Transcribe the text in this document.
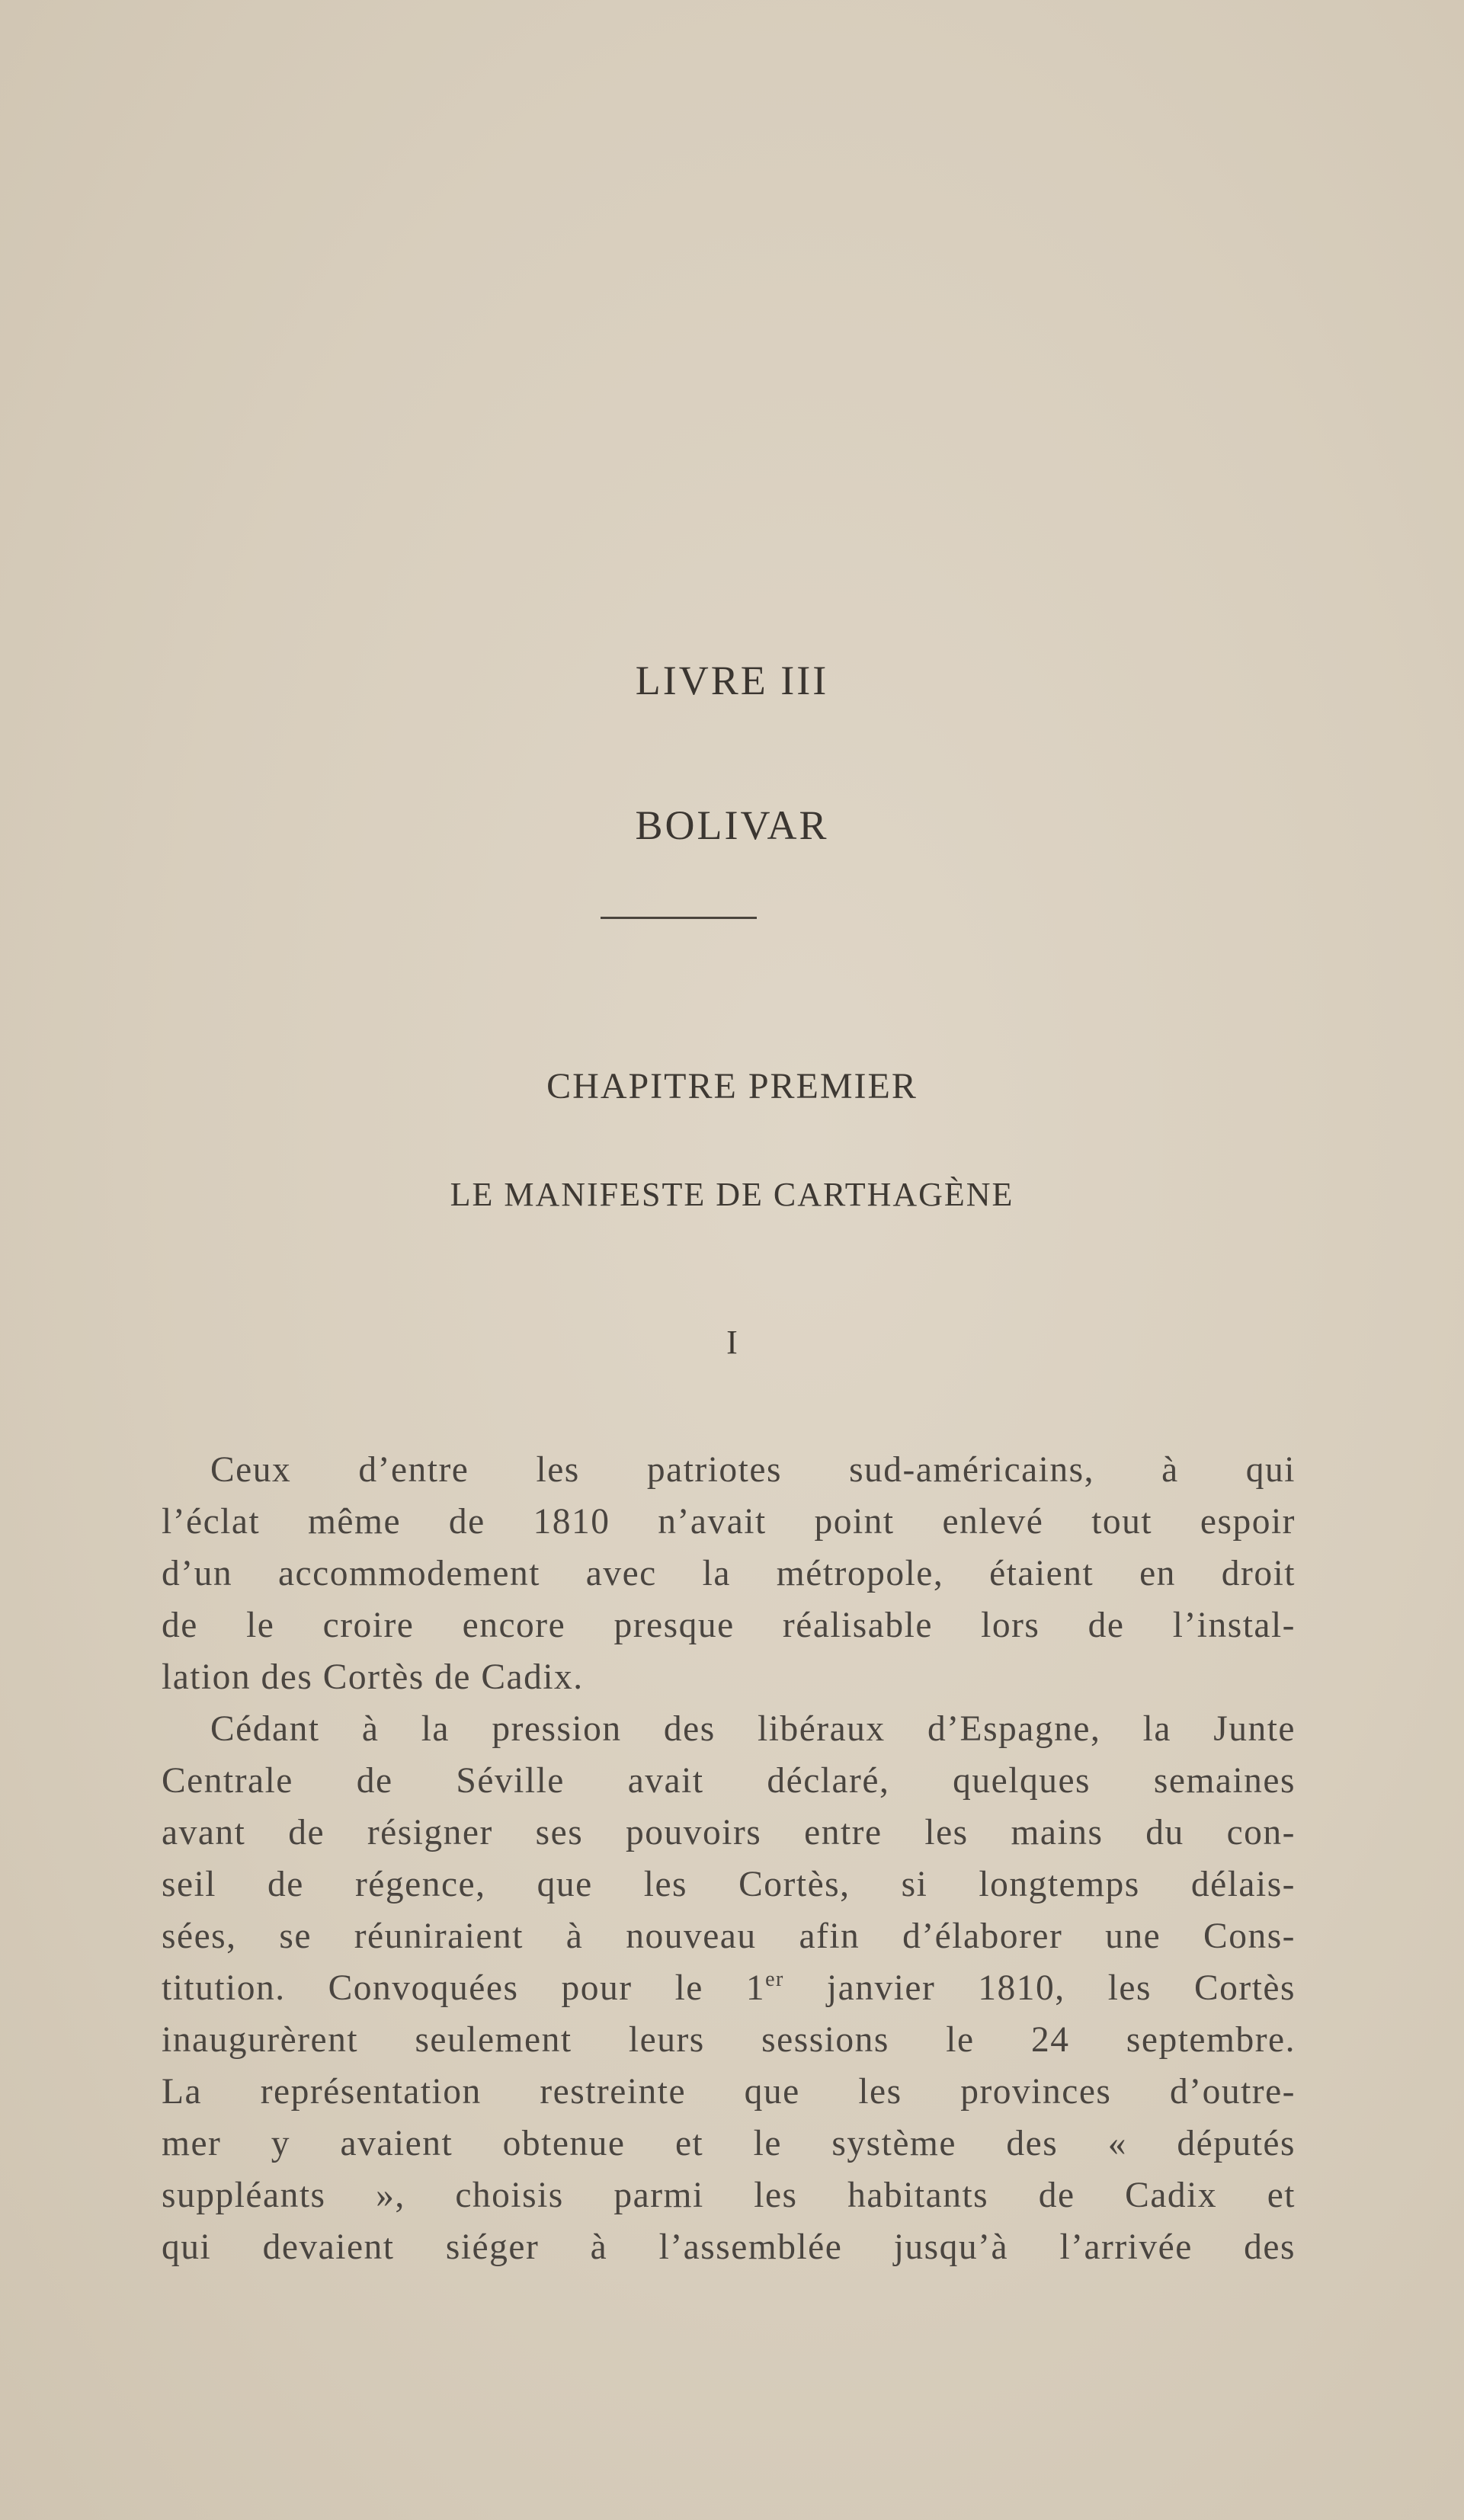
LIVRE III
BOLIVAR
CHAPITRE PREMIER
LE MANIFESTE DE CARTHAGÈNE
I
Ceux d’entre les patriotes sud-américains, à qui
l’éclat même de 1810 n’avait point enlevé tout espoir
d’un accommodement avec la métropole, étaient en droit
de le croire encore presque réalisable lors de l’instal-
lation des Cortès de Cadix.
Cédant à la pression des libéraux d’Espagne, la Junte
Centrale de Séville avait déclaré, quelques semaines
avant de résigner ses pouvoirs entre les mains du con-
seil de régence, que les Cortès, si longtemps délais-
sées, se réuniraient à nouveau afin d’élaborer une Cons-
titution. Convoquées pour le 1er janvier 1810, les Cortès
inaugurèrent seulement leurs sessions le 24 septembre.
La représentation restreinte que les provinces d’outre-
mer y avaient obtenue et le système des « députés
suppléants », choisis parmi les habitants de Cadix et
qui devaient siéger à l’assemblée jusqu’à l’arrivée des
